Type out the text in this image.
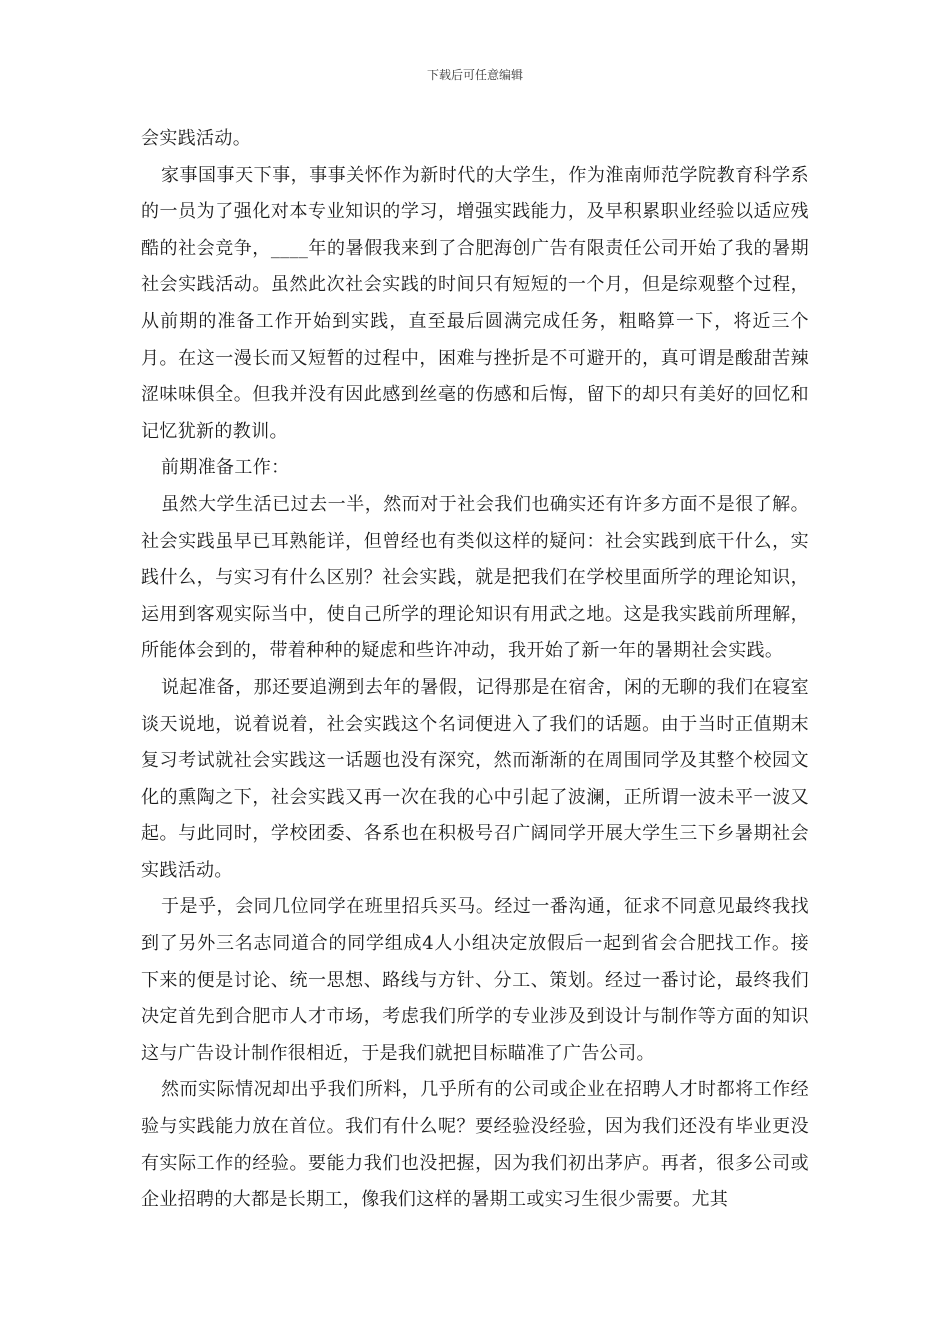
下载后可任意编辑

会实践活动。

家事国事天下事，事事关怀作为新时代的大学生，作为淮南师范学院教育科学系的一员为了强化对本专业知识的学习，增强实践能力，及早积累职业经验以适应残酷的社会竞争，____年的暑假我来到了合肥海创广告有限责任公司开始了我的暑期社会实践活动。虽然此次社会实践的时间只有短短的一个月，但是综观整个过程，从前期的准备工作开始到实践，直至最后圆满完成任务，粗略算一下，将近三个月。在这一漫长而又短暂的过程中，困难与挫折是不可避开的，真可谓是酸甜苦辣涩味味俱全。但我并没有因此感到丝毫的伤感和后悔，留下的却只有美好的回忆和记忆犹新的教训。

前期准备工作：

虽然大学生活已过去一半，然而对于社会我们也确实还有许多方面不是很了解。社会实践虽早已耳熟能详，但曾经也有类似这样的疑问：社会实践到底干什么，实践什么，与实习有什么区别？社会实践，就是把我们在学校里面所学的理论知识，运用到客观实际当中，使自己所学的理论知识有用武之地。这是我实践前所理解，所能体会到的，带着种种的疑虑和些许冲动，我开始了新一年的暑期社会实践。

说起准备，那还要追溯到去年的暑假，记得那是在宿舍，闲的无聊的我们在寝室谈天说地，说着说着，社会实践这个名词便进入了我们的话题。由于当时正值期末复习考试就社会实践这一话题也没有深究，然而渐渐的在周围同学及其整个校园文化的熏陶之下，社会实践又再一次在我的心中引起了波澜，正所谓一波未平一波又起。与此同时，学校团委、各系也在积极号召广阔同学开展大学生三下乡暑期社会实践活动。

于是乎，会同几位同学在班里招兵买马。经过一番沟通，征求不同意见最终我找到了另外三名志同道合的同学组成4人小组决定放假后一起到省会合肥找工作。接下来的便是讨论、统一思想、路线与方针、分工、策划。经过一番讨论，最终我们决定首先到合肥市人才市场，考虑我们所学的专业涉及到设计与制作等方面的知识这与广告设计制作很相近，于是我们就把目标瞄准了广告公司。

然而实际情况却出乎我们所料，几乎所有的公司或企业在招聘人才时都将工作经验与实践能力放在首位。我们有什么呢？要经验没经验，因为我们还没有毕业更没有实际工作的经验。要能力我们也没把握，因为我们初出茅庐。再者，很多公司或企业招聘的大都是长期工，像我们这样的暑期工或实习生很少需要。尤其
